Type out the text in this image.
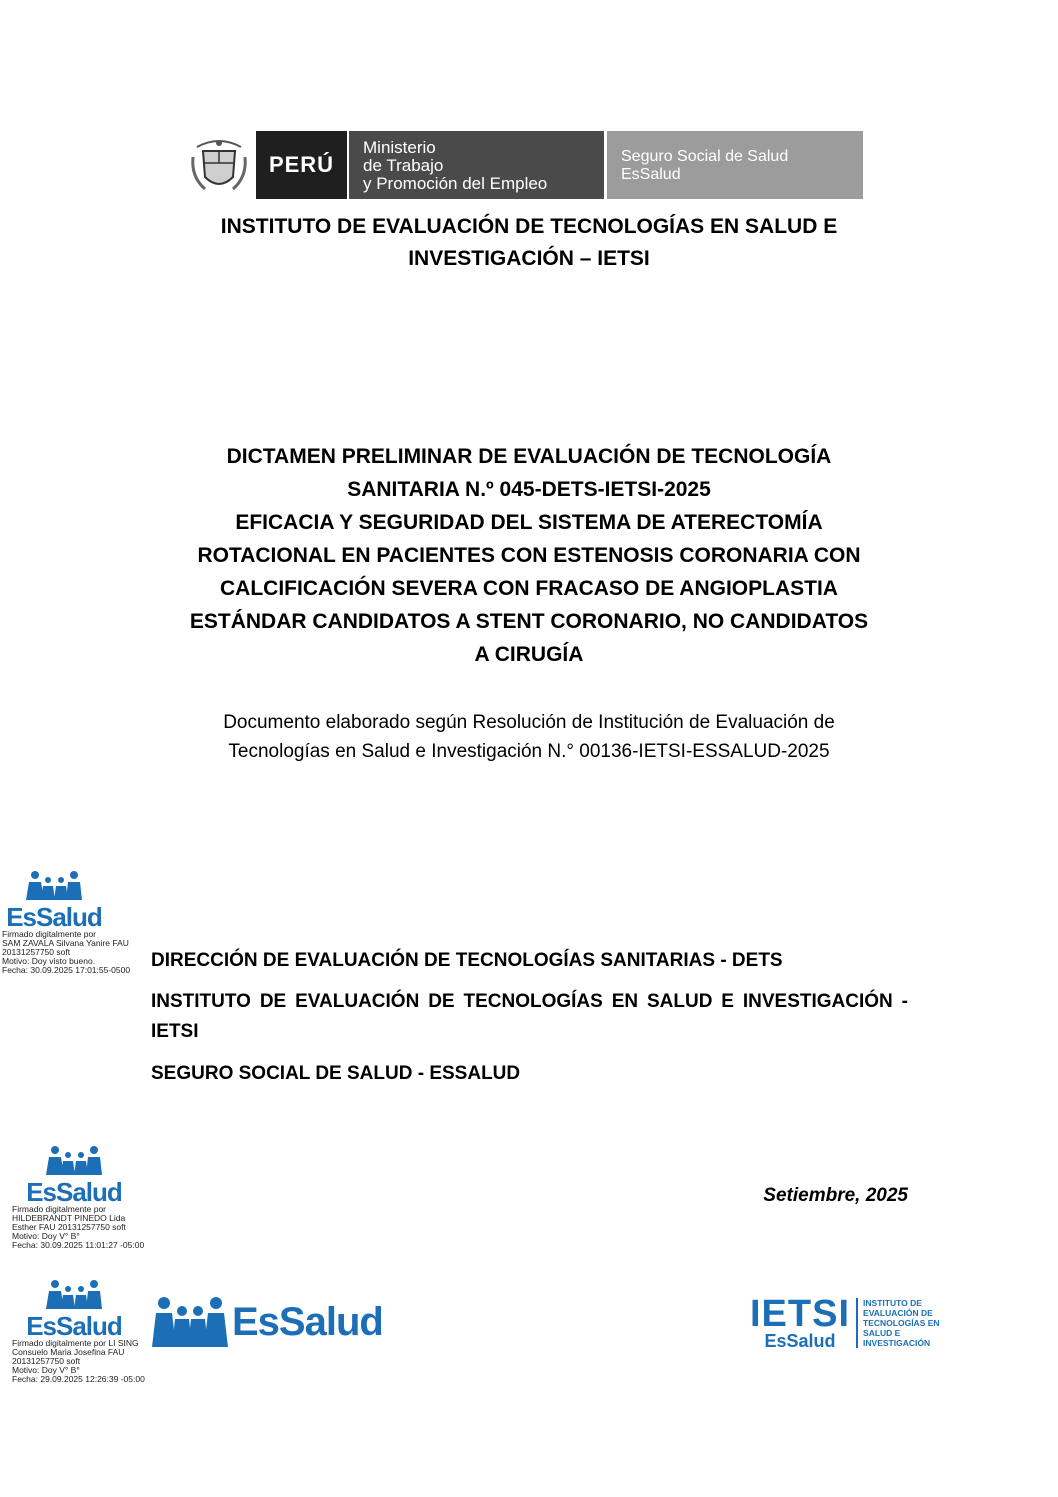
PERÚ
Ministerio
de Trabajo
y Promoción del Empleo
Seguro Social de Salud
EsSalud
INSTITUTO DE EVALUACIÓN DE TECNOLOGÍAS EN SALUD E
INVESTIGACIÓN – IETSI
DICTAMEN PRELIMINAR DE EVALUACIÓN DE TECNOLOGÍA
SANITARIA N.º 045-DETS-IETSI-2025
EFICACIA Y SEGURIDAD DEL SISTEMA DE ATERECTOMÍA
ROTACIONAL EN PACIENTES CON ESTENOSIS CORONARIA CON
CALCIFICACIÓN SEVERA CON FRACASO DE ANGIOPLASTIA
ESTÁNDAR CANDIDATOS A STENT CORONARIO, NO CANDIDATOS
A CIRUGÍA
Documento elaborado según Resolución de Institución de Evaluación de
Tecnologías en Salud e Investigación N.° 00136-IETSI-ESSALUD-2025
DIRECCIÓN DE EVALUACIÓN DE TECNOLOGÍAS SANITARIAS - DETS
INSTITUTO DE EVALUACIÓN DE TECNOLOGÍAS EN SALUD E INVESTIGACIÓN - IETSI
SEGURO SOCIAL DE SALUD - ESSALUD
Setiembre, 2025
EsSalud
Firmado digitalmente por
SAM ZAVALA Silvana Yanire FAU
20131257750 soft
Motivo: Doy visto bueno.
Fecha: 30.09.2025 17:01:55-0500
EsSalud
Firmado digitalmente por
HILDEBRANDT PINEDO Lida
Esther FAU 20131257750 soft
Motivo: Doy V° B°
Fecha: 30.09.2025 11:01:27 -05:00
EsSalud
Firmado digitalmente por LI SING
Consuelo Maria Josefina FAU
20131257750 soft
Motivo: Doy V° B°
Fecha: 29.09.2025 12:26:39 -05:00
EsSalud	IETSI
EsSalud
INSTITUTO DE
EVALUACIÓN DE
TECNOLOGÍAS EN
SALUD E
INVESTIGACIÓN
